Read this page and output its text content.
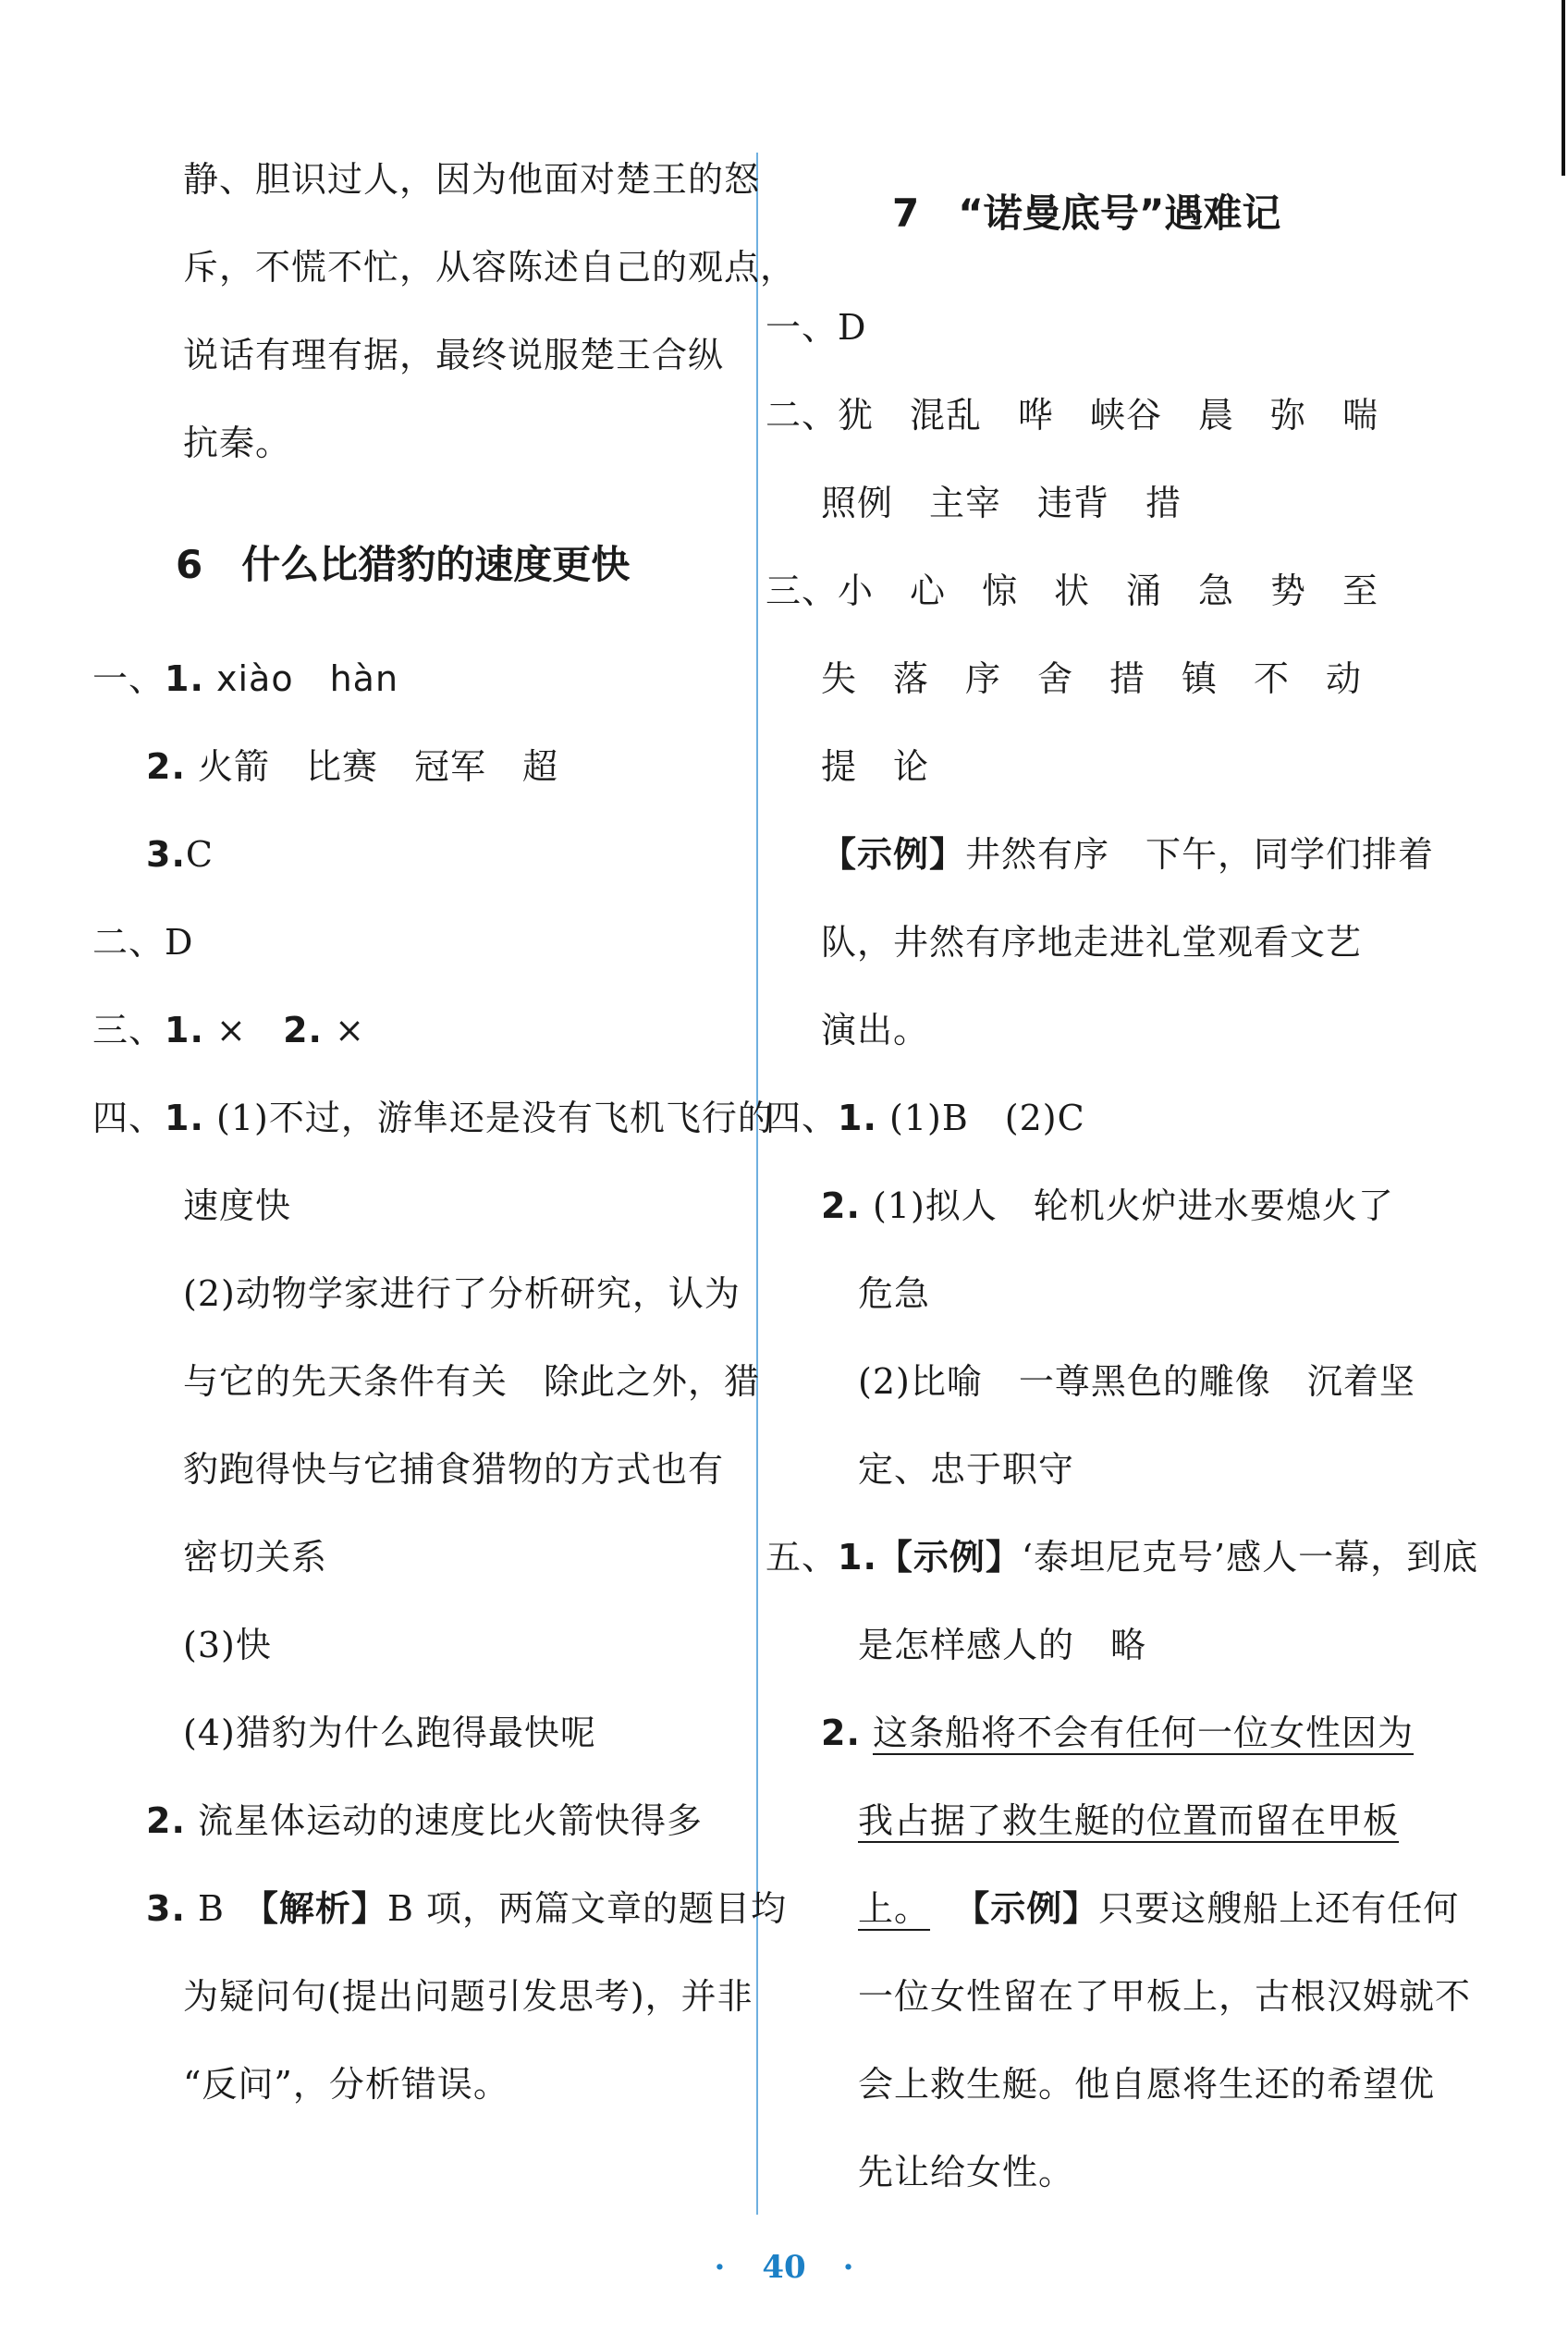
静、胆识过人，因为他面对楚王的怒
斥，不慌不忙，从容陈述自己的观点，
说话有理有据，最终说服楚王合纵
抗秦。
6　什么比猎豹的速度更快
一、1. xiào　hàn
2. 火箭　比赛　冠军　超
3.C
二、D
三、1. × 2. ×
四、1. (1)不过，游隼还是没有飞机飞行的
速度快
(2)动物学家进行了分析研究，认为
与它的先天条件有关　除此之外，猎
豹跑得快与它捕食猎物的方式也有
密切关系
(3)快
(4)猎豹为什么跑得最快呢
2. 流星体运动的速度比火箭快得多
3. B　【解析】B 项，两篇文章的题目均
为疑问句(提出问题引发思考)，并非
“反问”，分析错误。
7　“诺曼底号”遇难记
一、D
二、犹　混乱　哗　峡谷　晨　弥　喘
照例　主宰　违背　措
三、小　心　惊　状　涌　急　势　至
失　落　序　舍　措　镇　不　动
提　论
【示例】井然有序　下午，同学们排着
队，井然有序地走进礼堂观看文艺
演出。
四、1. (1)B　(2)C
2. (1)拟人　轮机火炉进水要熄火了
危急
(2)比喻　一尊黑色的雕像　沉着坚
定、忠于职守
五、1.【示例】‘泰坦尼克号’感人一幕，到底
是怎样感人的　略
2. 这条船将不会有任何一位女性因为
我占据了救生艇的位置而留在甲板
上。 【示例】只要这艘船上还有任何
一位女性留在了甲板上，古根汉姆就不
会上救生艇。他自愿将生还的希望优
先让给女性。
· 40 ·
